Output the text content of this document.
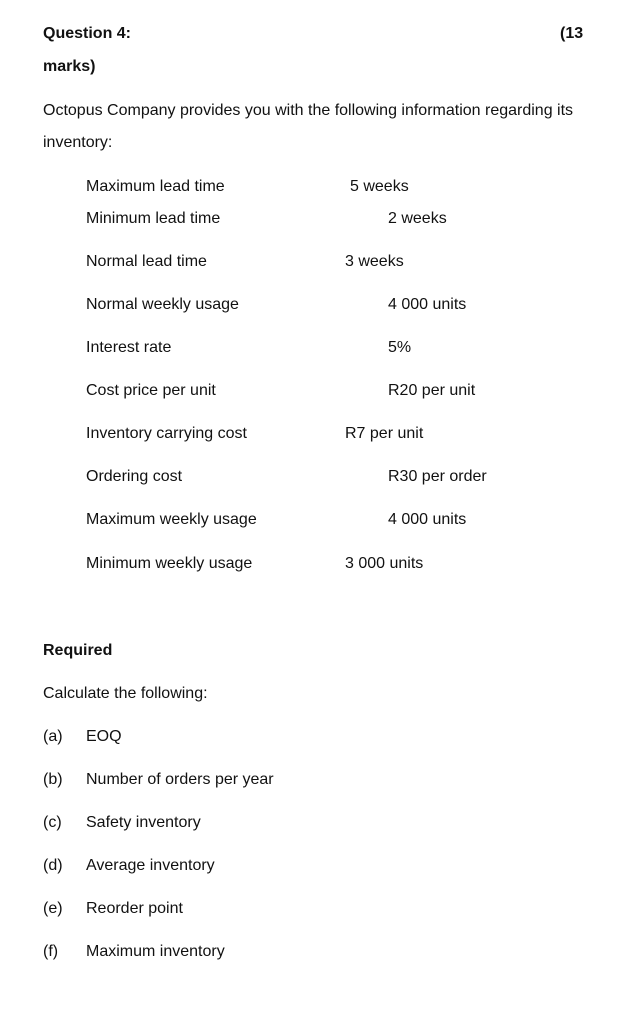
Question 4:	(13
marks)
Octopus Company provides you with the following information regarding its
inventory:
Maximum lead time	5 weeks
Minimum lead time	2 weeks
Normal lead time	3 weeks
Normal weekly usage	4 000 units
Interest rate	5%
Cost price per unit	R20 per unit
Inventory carrying cost	R7 per unit
Ordering cost	R30 per order
Maximum weekly usage	4 000 units
Minimum weekly usage	3 000 units
Required
Calculate the following:
(a) EOQ
(b) Number of orders per year
(c) Safety inventory
(d) Average inventory
(e) Reorder point
(f) Maximum inventory
